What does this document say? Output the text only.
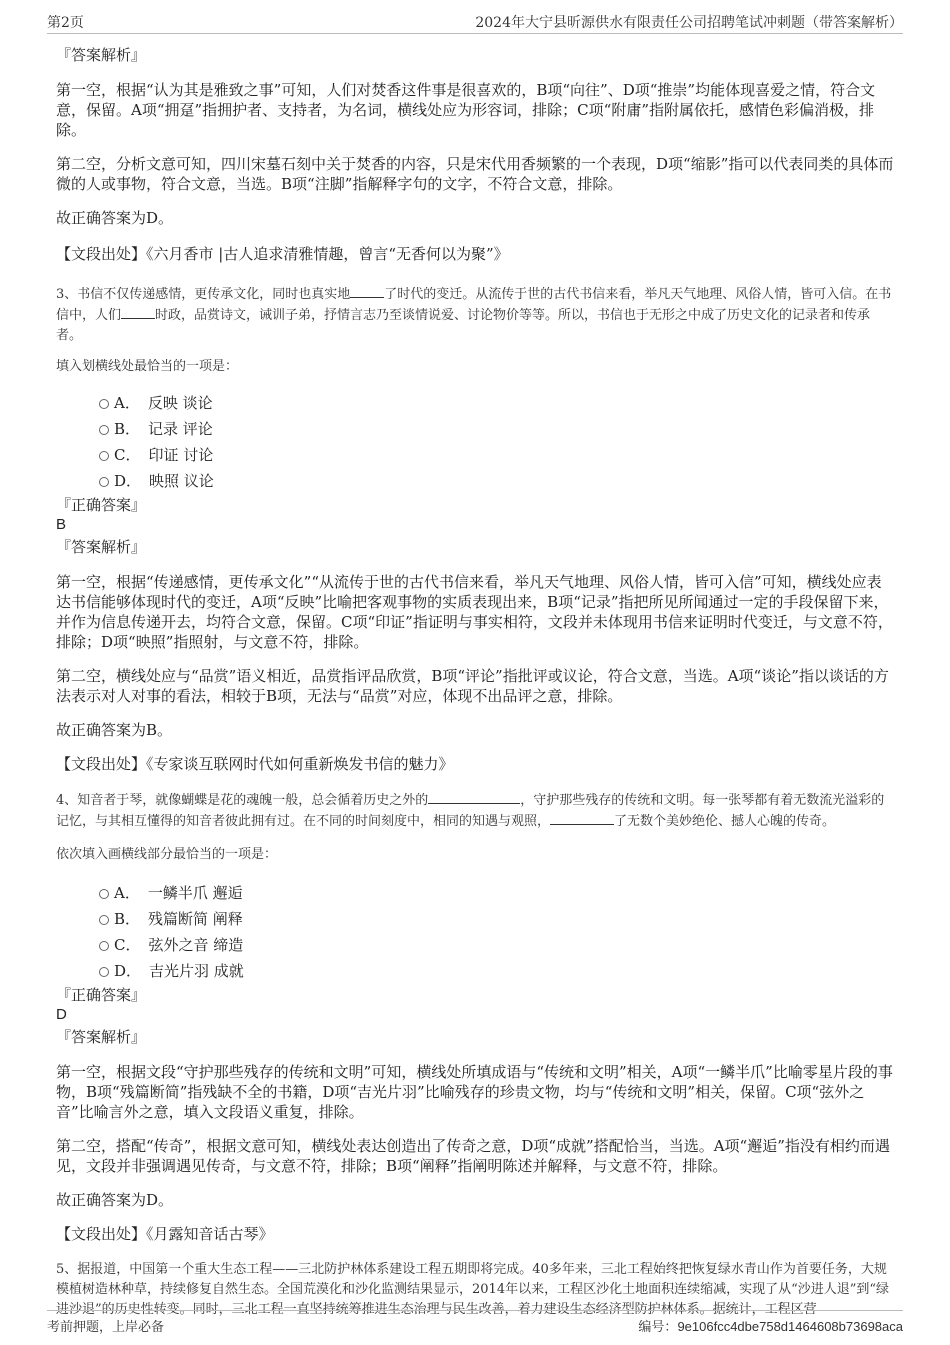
第2页	2024年大宁县昕源供水有限责任公司招聘笔试冲刺题（带答案解析）

『答案解析』

第一空，根据“认为其是雅致之事”可知，人们对焚香这件事是很喜欢的，B项“向往”、D项“推崇”均能体现喜爱之情，符合文意，保留。A项“拥趸”指拥护者、支持者，为名词，横线处应为形容词，排除；C项“附庸”指附属依托，感情色彩偏消极，排除。

第二空，分析文意可知，四川宋墓石刻中关于焚香的内容，只是宋代用香频繁的一个表现，D项“缩影”指可以代表同类的具体而微的人或事物，符合文意，当选。B项“注脚”指解释字句的文字，不符合文意，排除。

故正确答案为D。

【文段出处】《六月香市 |古人追求清雅情趣，曾言“无香何以为聚”》

3、书信不仅传递感情，更传承文化，同时也真实地	了时代的变迁。从流传于世的古代书信来看，举凡天气地理、风俗人情，皆可入信。在书信中，人们	时政，品赏诗文，诫训子弟，抒情言志乃至谈情说爱、讨论物价等等。所以，书信也于无形之中成了历史文化的记录者和传承者。

填入划横线处最恰当的一项是：

A． 反映 谈论
B． 记录 评论
C． 印证 讨论
D． 映照 议论

『正确答案』

B

『答案解析』

第一空，根据“传递感情，更传承文化”“从流传于世的古代书信来看，举凡天气地理、风俗人情，皆可入信”可知，横线处应表达书信能够体现时代的变迁，A项“反映”比喻把客观事物的实质表现出来，B项“记录”指把所见所闻通过一定的手段保留下来，并作为信息传递开去，均符合文意，保留。C项“印证”指证明与事实相符，文段并未体现用书信来证明时代变迁，与文意不符，排除；D项“映照”指照射，与文意不符，排除。

第二空，横线处应与“品赏”语义相近，品赏指评品欣赏，B项“评论”指批评或议论，符合文意，当选。A项“谈论”指以谈话的方法表示对人对事的看法，相较于B项，无法与“品赏”对应，体现不出品评之意，排除。

故正确答案为B。

【文段出处】《专家谈互联网时代如何重新焕发书信的魅力》

4、知音者于琴，就像蝴蝶是花的魂魄一般，总会循着历史之外的	，守护那些残存的传统和文明。每一张琴都有着无数流光溢彩的记忆，与其相互懂得的知音者彼此拥有过。在不同的时间刻度中，相同的知遇与观照，	了无数个美妙绝伦、撼人心魄的传奇。

依次填入画横线部分最恰当的一项是：

A． 一鳞半爪 邂逅
B． 残篇断简 阐释
C． 弦外之音 缔造
D． 吉光片羽 成就

『正确答案』

D

『答案解析』

第一空，根据文段“守护那些残存的传统和文明”可知，横线处所填成语与“传统和文明”相关，A项“一鳞半爪”比喻零星片段的事物，B项“残篇断简”指残缺不全的书籍，D项“吉光片羽”比喻残存的珍贵文物，均与“传统和文明”相关，保留。C项“弦外之音”比喻言外之意，填入文段语义重复，排除。

第二空，搭配“传奇”，根据文意可知，横线处表达创造出了传奇之意，D项“成就”搭配恰当，当选。A项“邂逅”指没有相约而遇见，文段并非强调遇见传奇，与文意不符，排除；B项“阐释”指阐明陈述并解释，与文意不符，排除。

故正确答案为D。

【文段出处】《月露知音话古琴》

5、据报道，中国第一个重大生态工程——三北防护林体系建设工程五期即将完成。40多年来，三北工程始终把恢复绿水青山作为首要任务，大规模植树造林种草，持续修复自然生态。全国荒漠化和沙化监测结果显示，2014年以来，工程区沙化土地面积连续缩减，实现了从“沙进人退”到“绿进沙退”的历史性转变。同时，三北工程一直坚持统筹推进生态治理与民生改善，着力建设生态经济型防护林体系。据统计，工程区营

考前押题，上岸必备	编号：9e106fcc4dbe758d1464608b73698aca
